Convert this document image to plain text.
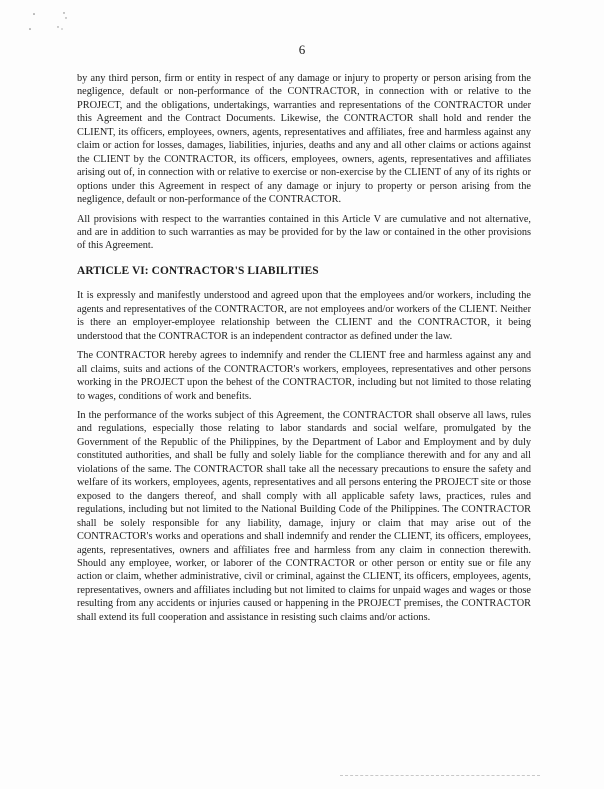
6

by any third person, firm or entity in respect of any damage or injury to property or person arising from the negligence, default or non-performance of the CONTRACTOR, in connection with or relative to the PROJECT, and the obligations, undertakings, warranties and representations of the CONTRACTOR under this Agreement and the Contract Documents. Likewise, the CONTRACTOR shall hold and render the CLIENT, its officers, employees, owners, agents, representatives and affiliates, free and harmless against any claim or action for losses, damages, liabilities, injuries, deaths and any and all other claims or actions against the CLIENT by the CONTRACTOR, its officers, employees, owners, agents, representatives and affiliates arising out of, in connection with or relative to exercise or non-exercise by the CLIENT of any of its rights or options under this Agreement in respect of any damage or injury to property or person arising from the negligence, default or non-performance of the CONTRACTOR.

All provisions with respect to the warranties contained in this Article V are cumulative and not alternative, and are in addition to such warranties as may be provided for by the law or contained in the other provisions of this Agreement.

ARTICLE VI: CONTRACTOR'S LIABILITIES

It is expressly and manifestly understood and agreed upon that the employees and/or workers, including the agents and representatives of the CONTRACTOR, are not employees and/or workers of the CLIENT. Neither is there an employer-employee relationship between the CLIENT and the CONTRACTOR, it being understood that the CONTRACTOR is an independent contractor as defined under the law.

The CONTRACTOR hereby agrees to indemnify and render the CLIENT free and harmless against any and all claims, suits and actions of the CONTRACTOR's workers, employees, representatives and other persons working in the PROJECT upon the behest of the CONTRACTOR, including but not limited to those relating to wages, conditions of work and benefits.

In the performance of the works subject of this Agreement, the CONTRACTOR shall observe all laws, rules and regulations, especially those relating to labor standards and social welfare, promulgated by the Government of the Republic of the Philippines, by the Department of Labor and Employment and by duly constituted authorities, and shall be fully and solely liable for the compliance therewith and for any and all violations of the same. The CONTRACTOR shall take all the necessary precautions to ensure the safety and welfare of its workers, employees, agents, representatives and all persons entering the PROJECT site or those exposed to the dangers thereof, and shall comply with all applicable safety laws, practices, rules and regulations, including but not limited to the National Building Code of the Philippines. The CONTRACTOR shall be solely responsible for any liability, damage, injury or claim that may arise out of the CONTRACTOR's works and operations and shall indemnify and render the CLIENT, its officers, employees, agents, representatives, owners and affiliates free and harmless from any claim in connection therewith. Should any employee, worker, or laborer of the CONTRACTOR or other person or entity sue or file any action or claim, whether administrative, civil or criminal, against the CLIENT, its officers, employees, agents, representatives, owners and affiliates including but not limited to claims for unpaid wages and wages or those resulting from any accidents or injuries caused or happening in the PROJECT premises, the CONTRACTOR shall extend its full cooperation and assistance in resisting such claims and/or actions.
